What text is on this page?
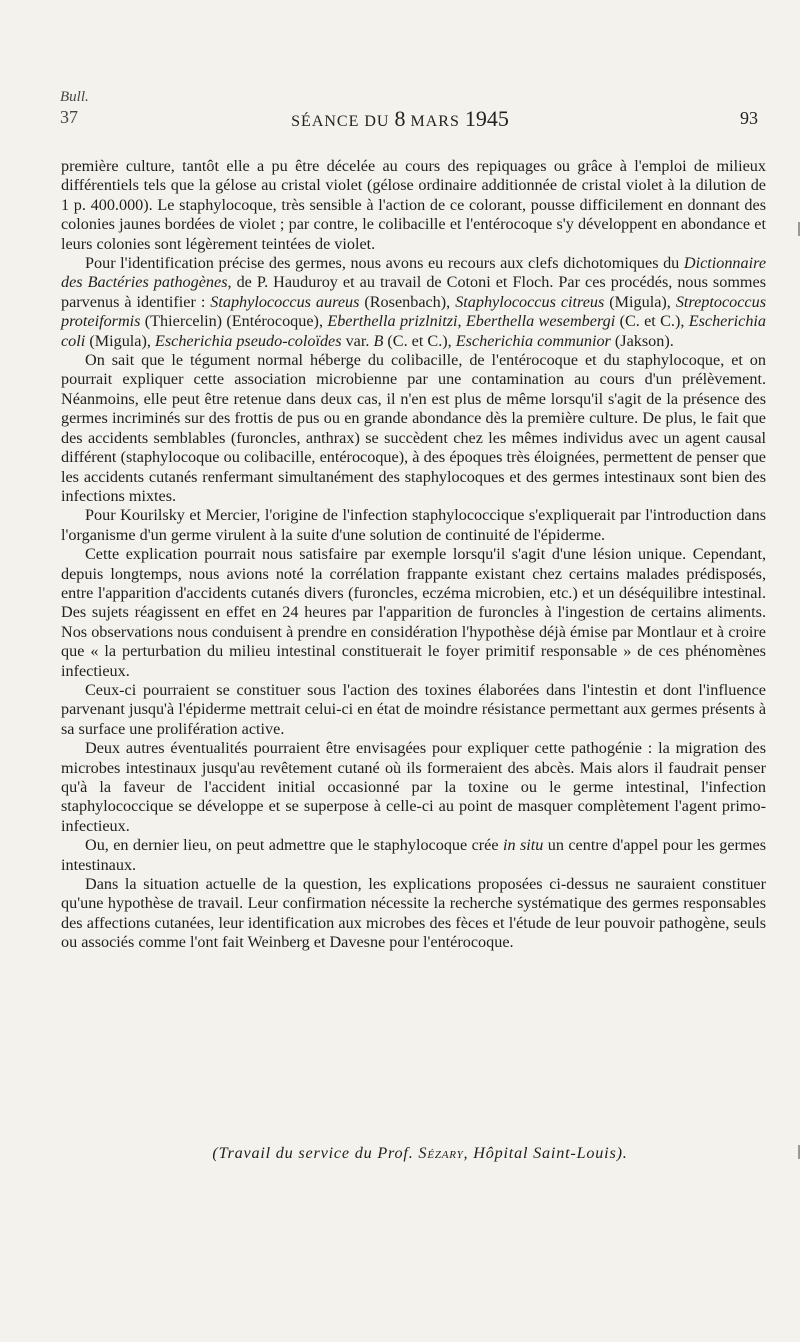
Bull.
37	SÉANCE DU 8 MARS 1945	93

première culture, tantôt elle a pu être décelée au cours des repiquages ou grâce à l'emploi de milieux différentiels tels que la gélose au cristal violet (gélose ordinaire additionnée de cristal violet à la dilution de 1 p. 400.000). Le staphylocoque, très sensible à l'action de ce colorant, pousse difficilement en donnant des colonies jaunes bordées de violet ; par contre, le colibacille et l'entérocoque s'y développent en abondance et leurs colonies sont légèrement teintées de violet.

Pour l'identification précise des germes, nous avons eu recours aux clefs dichotomiques du Dictionnaire des Bactéries pathogènes, de P. Hauduroy et au travail de Cotoni et Floch. Par ces procédés, nous sommes parvenus à identifier : Staphylococcus aureus (Rosenbach), Staphylococcus citreus (Migula), Streptococcus proteiformis (Thiercelin) (Entérocoque), Eberthella prizlnitzi, Eberthella wesembergi (C. et C.), Escherichia coli (Migula), Escherichia pseudo-coloïdes var. B (C. et C.), Escherichia communior (Jakson).

On sait que le tégument normal héberge du colibacille, de l'entérocoque et du staphylocoque, et on pourrait expliquer cette association microbienne par une contamination au cours d'un prélèvement. Néanmoins, elle peut être retenue dans deux cas, il n'en est plus de même lorsqu'il s'agit de la présence des germes incriminés sur des frottis de pus ou en grande abondance dès la première culture. De plus, le fait que des accidents semblables (furoncles, anthrax) se succèdent chez les mêmes individus avec un agent causal différent (staphylocoque ou colibacille, entérocoque), à des époques très éloignées, permettent de penser que les accidents cutanés renfermant simultanément des staphylocoques et des germes intestinaux sont bien des infections mixtes.

Pour Kourilsky et Mercier, l'origine de l'infection staphylococcique s'expliquerait par l'introduction dans l'organisme d'un germe virulent à la suite d'une solution de continuité de l'épiderme.

Cette explication pourrait nous satisfaire par exemple lorsqu'il s'agit d'une lésion unique. Cependant, depuis longtemps, nous avions noté la corrélation frappante existant chez certains malades prédisposés, entre l'apparition d'accidents cutanés divers (furoncles, eczéma microbien, etc.) et un déséquilibre intestinal. Des sujets réagissent en effet en 24 heures par l'apparition de furoncles à l'ingestion de certains aliments. Nos observations nous conduisent à prendre en considération l'hypothèse déjà émise par Montlaur et à croire que « la perturbation du milieu intestinal constituerait le foyer primitif responsable » de ces phénomènes infectieux.

Ceux-ci pourraient se constituer sous l'action des toxines élaborées dans l'intestin et dont l'influence parvenant jusqu'à l'épiderme mettrait celui-ci en état de moindre résistance permettant aux germes présents à sa surface une prolifération active.

Deux autres éventualités pourraient être envisagées pour expliquer cette pathogénie : la migration des microbes intestinaux jusqu'au revêtement cutané où ils formeraient des abcès. Mais alors il faudrait penser qu'à la faveur de l'accident initial occasionné par la toxine ou le germe intestinal, l'infection staphylococcique se développe et se superpose à celle-ci au point de masquer complètement l'agent primo-infectieux.

Ou, en dernier lieu, on peut admettre que le staphylocoque crée in situ un centre d'appel pour les germes intestinaux.

Dans la situation actuelle de la question, les explications proposées ci-dessus ne sauraient constituer qu'une hypothèse de travail. Leur confirmation nécessite la recherche systématique des germes responsables des affections cutanées, leur identification aux microbes des fèces et l'étude de leur pouvoir pathogène, seuls ou associés comme l'ont fait Weinberg et Davesne pour l'entérocoque.

(Travail du service du Prof. Sézary, Hôpital Saint-Louis).
